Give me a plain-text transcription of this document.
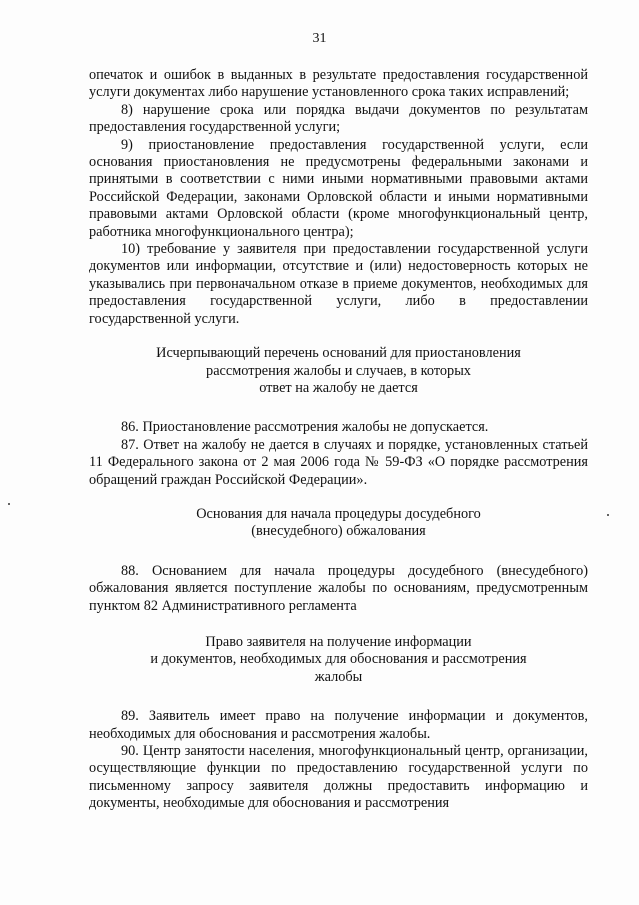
31

опечаток и ошибок в выданных в результате предоставления государственной услуги документах либо нарушение установленного срока таких исправлений;

8) нарушение срока или порядка выдачи документов по результатам предоставления государственной услуги;

9) приостановление предоставления государственной услуги, если основания приостановления не предусмотрены федеральными законами и принятыми в соответствии с ними иными нормативными правовыми актами Российской Федерации, законами Орловской области и иными нормативными правовыми актами Орловской области (кроме многофункциональный центр, работника многофункционального центра);

10) требование у заявителя при предоставлении государственной услуги документов или информации, отсутствие и (или) недостоверность которых не указывались при первоначальном отказе в приеме документов, необходимых для предоставления государственной услуги, либо в предоставлении государственной услуги.

Исчерпывающий перечень оснований для приостановления

рассмотрения жалобы и случаев, в которых

ответ на жалобу не дается

86. Приостановление рассмотрения жалобы не допускается.

87. Ответ на жалобу не дается в случаях и порядке, установленных статьей 11 Федерального закона от 2 мая 2006 года № 59-ФЗ «О порядке рассмотрения обращений граждан Российской Федерации».

Основания для начала процедуры досудебного

(внесудебного) обжалования

88. Основанием для начала процедуры досудебного (внесудебного) обжалования является поступление жалобы по основаниям, предусмотренным пунктом 82 Административного регламента

Право заявителя на получение информации

и документов, необходимых для обоснования и рассмотрения

жалобы

89. Заявитель имеет право на получение информации и документов, необходимых для обоснования и рассмотрения жалобы.

90. Центр занятости населения, многофункциональный центр, организации, осуществляющие функции по предоставлению государственной услуги по письменному запросу заявителя должны предоставить информацию и документы, необходимые для обоснования и рассмотрения
